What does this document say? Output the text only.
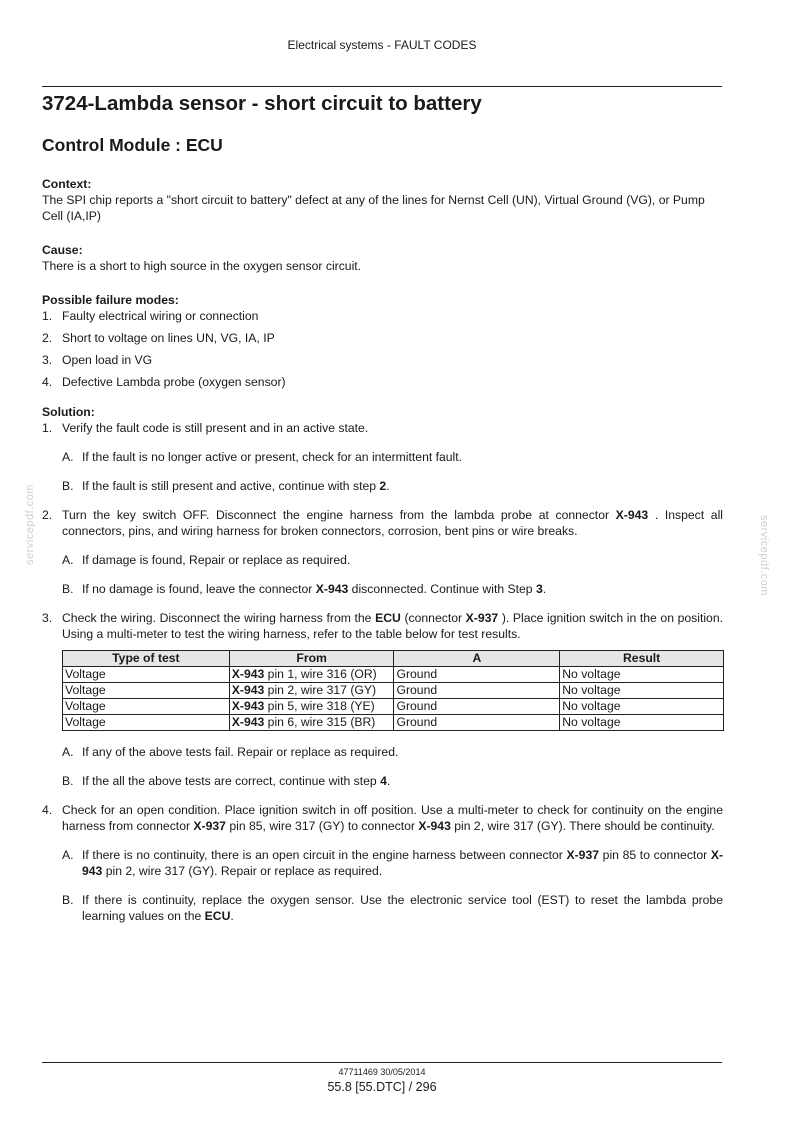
Electrical systems - FAULT CODES
servicepdf.com	servicepdf.com
3724-Lambda sensor - short circuit to battery
Control Module : ECU

Context:

The SPI chip reports a "short circuit to battery" defect at any of the lines for Nernst Cell (UN), Virtual Ground (VG), or Pump Cell (IA,IP)

Cause:

There is a short to high source in the oxygen sensor circuit.

Possible failure modes:

1. Faulty electrical wiring or connection
2. Short to voltage on lines UN, VG, IA, IP
3. Open load in VG
4. Defective Lambda probe (oxygen sensor)

Solution:

1. Verify the fault code is still present and in an active state.
A. If the fault is no longer active or present, check for an intermittent fault.
B. If the fault is still present and active, continue with step 2.
2. Turn the key switch OFF. Disconnect the engine harness from the lambda probe at connector X-943 . Inspect all connectors, pins, and wiring harness for broken connectors, corrosion, bent pins or wire breaks.
A. If damage is found, Repair or replace as required.
B. If no damage is found, leave the connector X-943 disconnected. Continue with Step 3.
3. Check the wiring. Disconnect the wiring harness from the ECU (connector X-937 ). Place ignition switch in the on position. Using a multi-meter to test the wiring harness, refer to the table below for test results.
Type of test	From	A	Result
Voltage	X-943 pin 1, wire 316 (OR)	Ground	No voltage
Voltage	X-943 pin 2, wire 317 (GY)	Ground	No voltage
Voltage	X-943 pin 5, wire 318 (YE)	Ground	No voltage
Voltage	X-943 pin 6, wire 315 (BR)	Ground	No voltage
A. If any of the above tests fail. Repair or replace as required.
B. If the all the above tests are correct, continue with step 4.
4. Check for an open condition. Place ignition switch in off position. Use a multi-meter to check for continuity on the engine harness from connector X-937 pin 85, wire 317 (GY) to connector X-943 pin 2, wire 317 (GY). There should be continuity.
A. If there is no continuity, there is an open circuit in the engine harness between connector X-937 pin 85 to connector X-943 pin 2, wire 317 (GY). Repair or replace as required.
B. If there is continuity, replace the oxygen sensor. Use the electronic service tool (EST) to reset the lambda probe learning values on the ECU.
47711469 30/05/2014
55.8 [55.DTC] / 296
